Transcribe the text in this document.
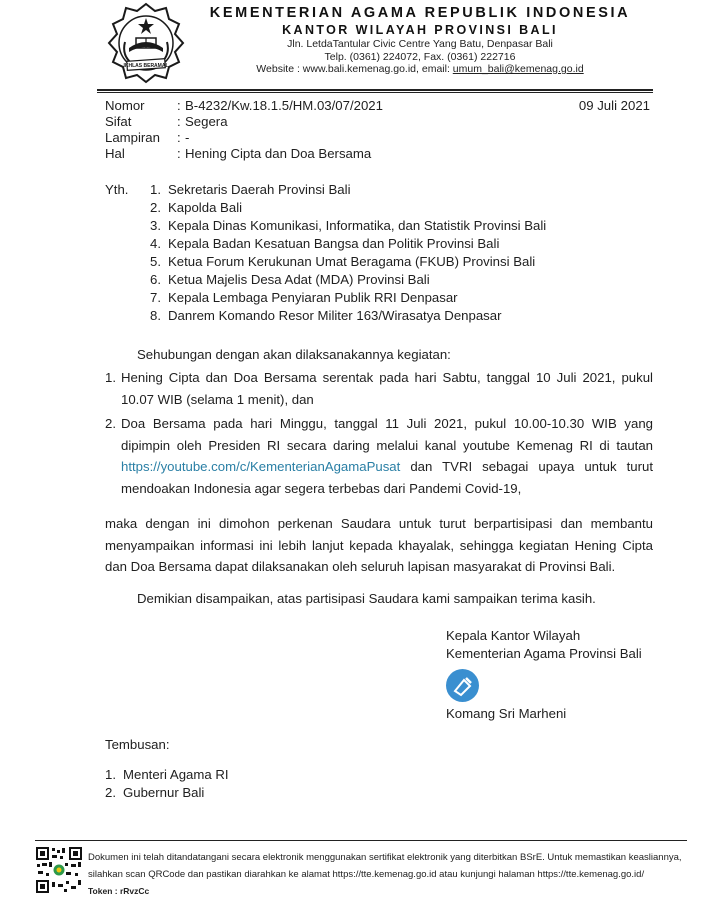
IKHLAS BERAMAL
KEMENTERIAN AGAMA REPUBLIK INDONESIA
KANTOR WILAYAH PROVINSI BALI
Jln. LetdaTantular Civic Centre Yang Batu, Denpasar Bali
Telp. (0361) 224072, Fax. (0361) 222716
Website : www.bali.kemenag.go.id, email: umum_bali@kemenag.go.id
Nomor : B-4232/Kw.18.1.5/HM.03/07/2021	09 Juli 2021
Sifat	: Segera
Lampiran : -
Hal	: Hening Cipta dan Doa Bersama
Yth. 1. Sekretaris Daerah Provinsi Bali
2. Kapolda Bali
3. Kepala Dinas Komunikasi, Informatika, dan Statistik Provinsi Bali
4. Kepala Badan Kesatuan Bangsa dan Politik Provinsi Bali
5. Ketua Forum Kerukunan Umat Beragama (FKUB) Provinsi Bali
6. Ketua Majelis Desa Adat (MDA) Provinsi Bali
7. Kepala Lembaga Penyiaran Publik RRI Denpasar
8. Danrem Komando Resor Militer 163/Wirasatya Denpasar
Sehubungan dengan akan dilaksanakannya kegiatan:
1. Hening Cipta dan Doa Bersama serentak pada hari Sabtu, tanggal 10 Juli 2021, pukul 10.07 WIB (selama 1 menit), dan
2. Doa Bersama pada hari Minggu, tanggal 11 Juli 2021, pukul 10.00-10.30 WIB yang dipimpin oleh Presiden RI secara daring melalui kanal youtube Kemenag RI di tautan https://youtube.com/c/KementerianAgamaPusat dan TVRI sebagai upaya untuk turut mendoakan Indonesia agar segera terbebas dari Pandemi Covid-19,
maka dengan ini dimohon perkenan Saudara untuk turut berpartisipasi dan membantu menyampaikan informasi ini lebih lanjut kepada khayalak, sehingga kegiatan Hening Cipta dan Doa Bersama dapat dilaksanakan oleh seluruh lapisan masyarakat di Provinsi Bali.
Demikian disampaikan, atas partisipasi Saudara kami sampaikan terima kasih.
Kepala Kantor Wilayah
Kementerian Agama Provinsi Bali
Komang Sri Marheni
Tembusan:
1. Menteri Agama RI
2. Gubernur Bali
Dokumen ini telah ditandatangani secara elektronik menggunakan sertifikat elektronik yang diterbitkan BSrE. Untuk memastikan keasliannya,
silahkan scan QRCode dan pastikan diarahkan ke alamat https://tte.kemenag.go.id atau kunjungi halaman https://tte.kemenag.go.id/
Token : rRvzCc
